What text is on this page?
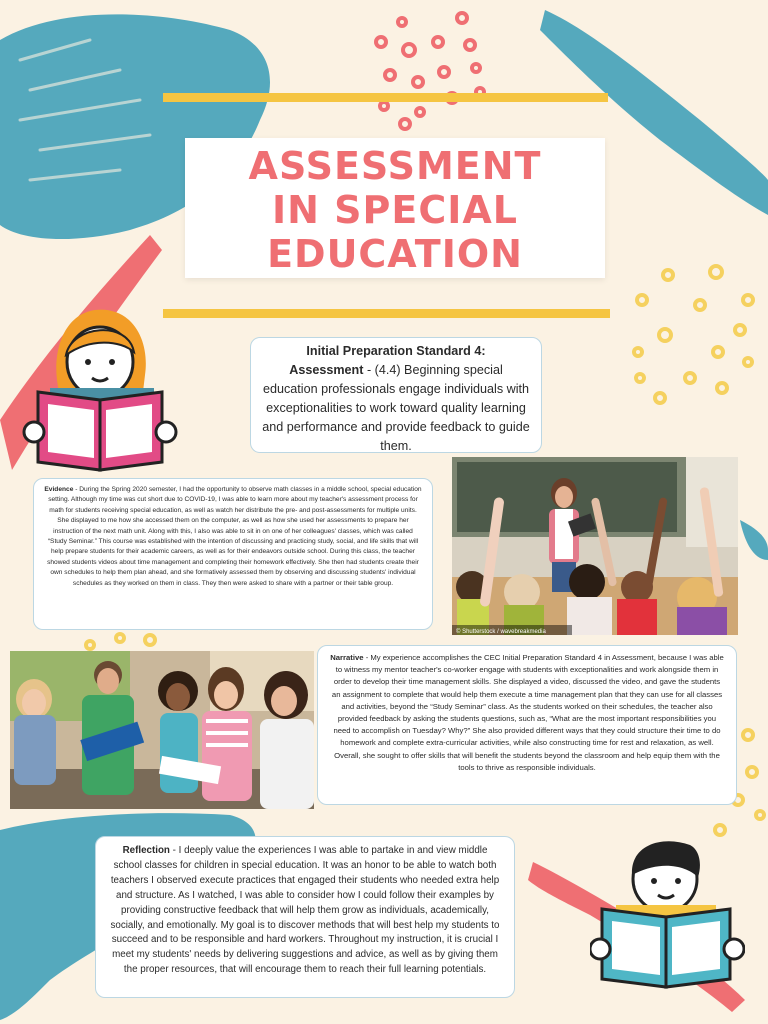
ASSESSMENT
IN SPECIAL
EDUCATION
Initial Preparation Standard 4:
Assessment - (4.4) Beginning special education professionals engage individuals with exceptionalities to work toward quality learning and performance and provide feedback to guide them.
Evidence - During the Spring 2020 semester, I had the opportunity to observe math classes in a middle school, special education setting. Although my time was cut short due to COVID-19, I was able to learn more about my teacher's assessment process for math for students receiving special education, as well as watch her distribute the pre- and post-assessments for multiple units. She displayed to me how she accessed them on the computer, as well as how she used her assessments to prepare her instruction of the next math unit. Along with this, I also was able to sit in on one of her colleagues' classes, which was called “Study Seminar.” This course was established with the intention of discussing and practicing study, social, and life skills that will help prepare students for their academic careers, as well as for their endeavors outside school. During this class, the teacher showed students videos about time management and completing their homework effectively. She then had students create their own schedules to help them plan ahead, and she formatively assessed them by observing and discussing students' individual schedules as they worked on them in class. They then were asked to share with a partner or their table group.
© Shutterstock / wavebreakmedia
Narrative - My experience accomplishes the CEC Initial Preparation Standard 4 in Assessment, because I was able to witness my mentor teacher's co-worker engage with students with exceptionalities and work alongside them in order to develop their time management skills. She displayed a video, discussed the video, and gave the students an assignment to complete that would help them execute a time management plan that they can use for all classes and activities, beyond the “Study Seminar” class. As the students worked on their schedules, the teacher also provided feedback by asking the students questions, such as, “What are the most important responsibilities you need to accomplish on Tuesday? Why?” She also provided different ways that they could structure their time to do homework and complete extra-curricular activities, while also constructing time for rest and relaxation, as well. Overall, she sought to offer skills that will benefit the students beyond the classroom and help equip them with the tools to thrive as responsible individuals.
Reflection - I deeply value the experiences I was able to partake in and view middle school classes for children in special education. It was an honor to be able to watch both teachers I observed execute practices that engaged their students who needed extra help and structure. As I watched, I was able to consider how I could follow their examples by providing constructive feedback that will help them grow as individuals, academically, socially, and emotionally. My goal is to discover methods that will best help my students to succeed and to be responsible and hard workers. Throughout my instruction, it is crucial I meet my students' needs by delivering suggestions and advice, as well as by giving them the proper resources, that will encourage them to reach their full learning potentials.
